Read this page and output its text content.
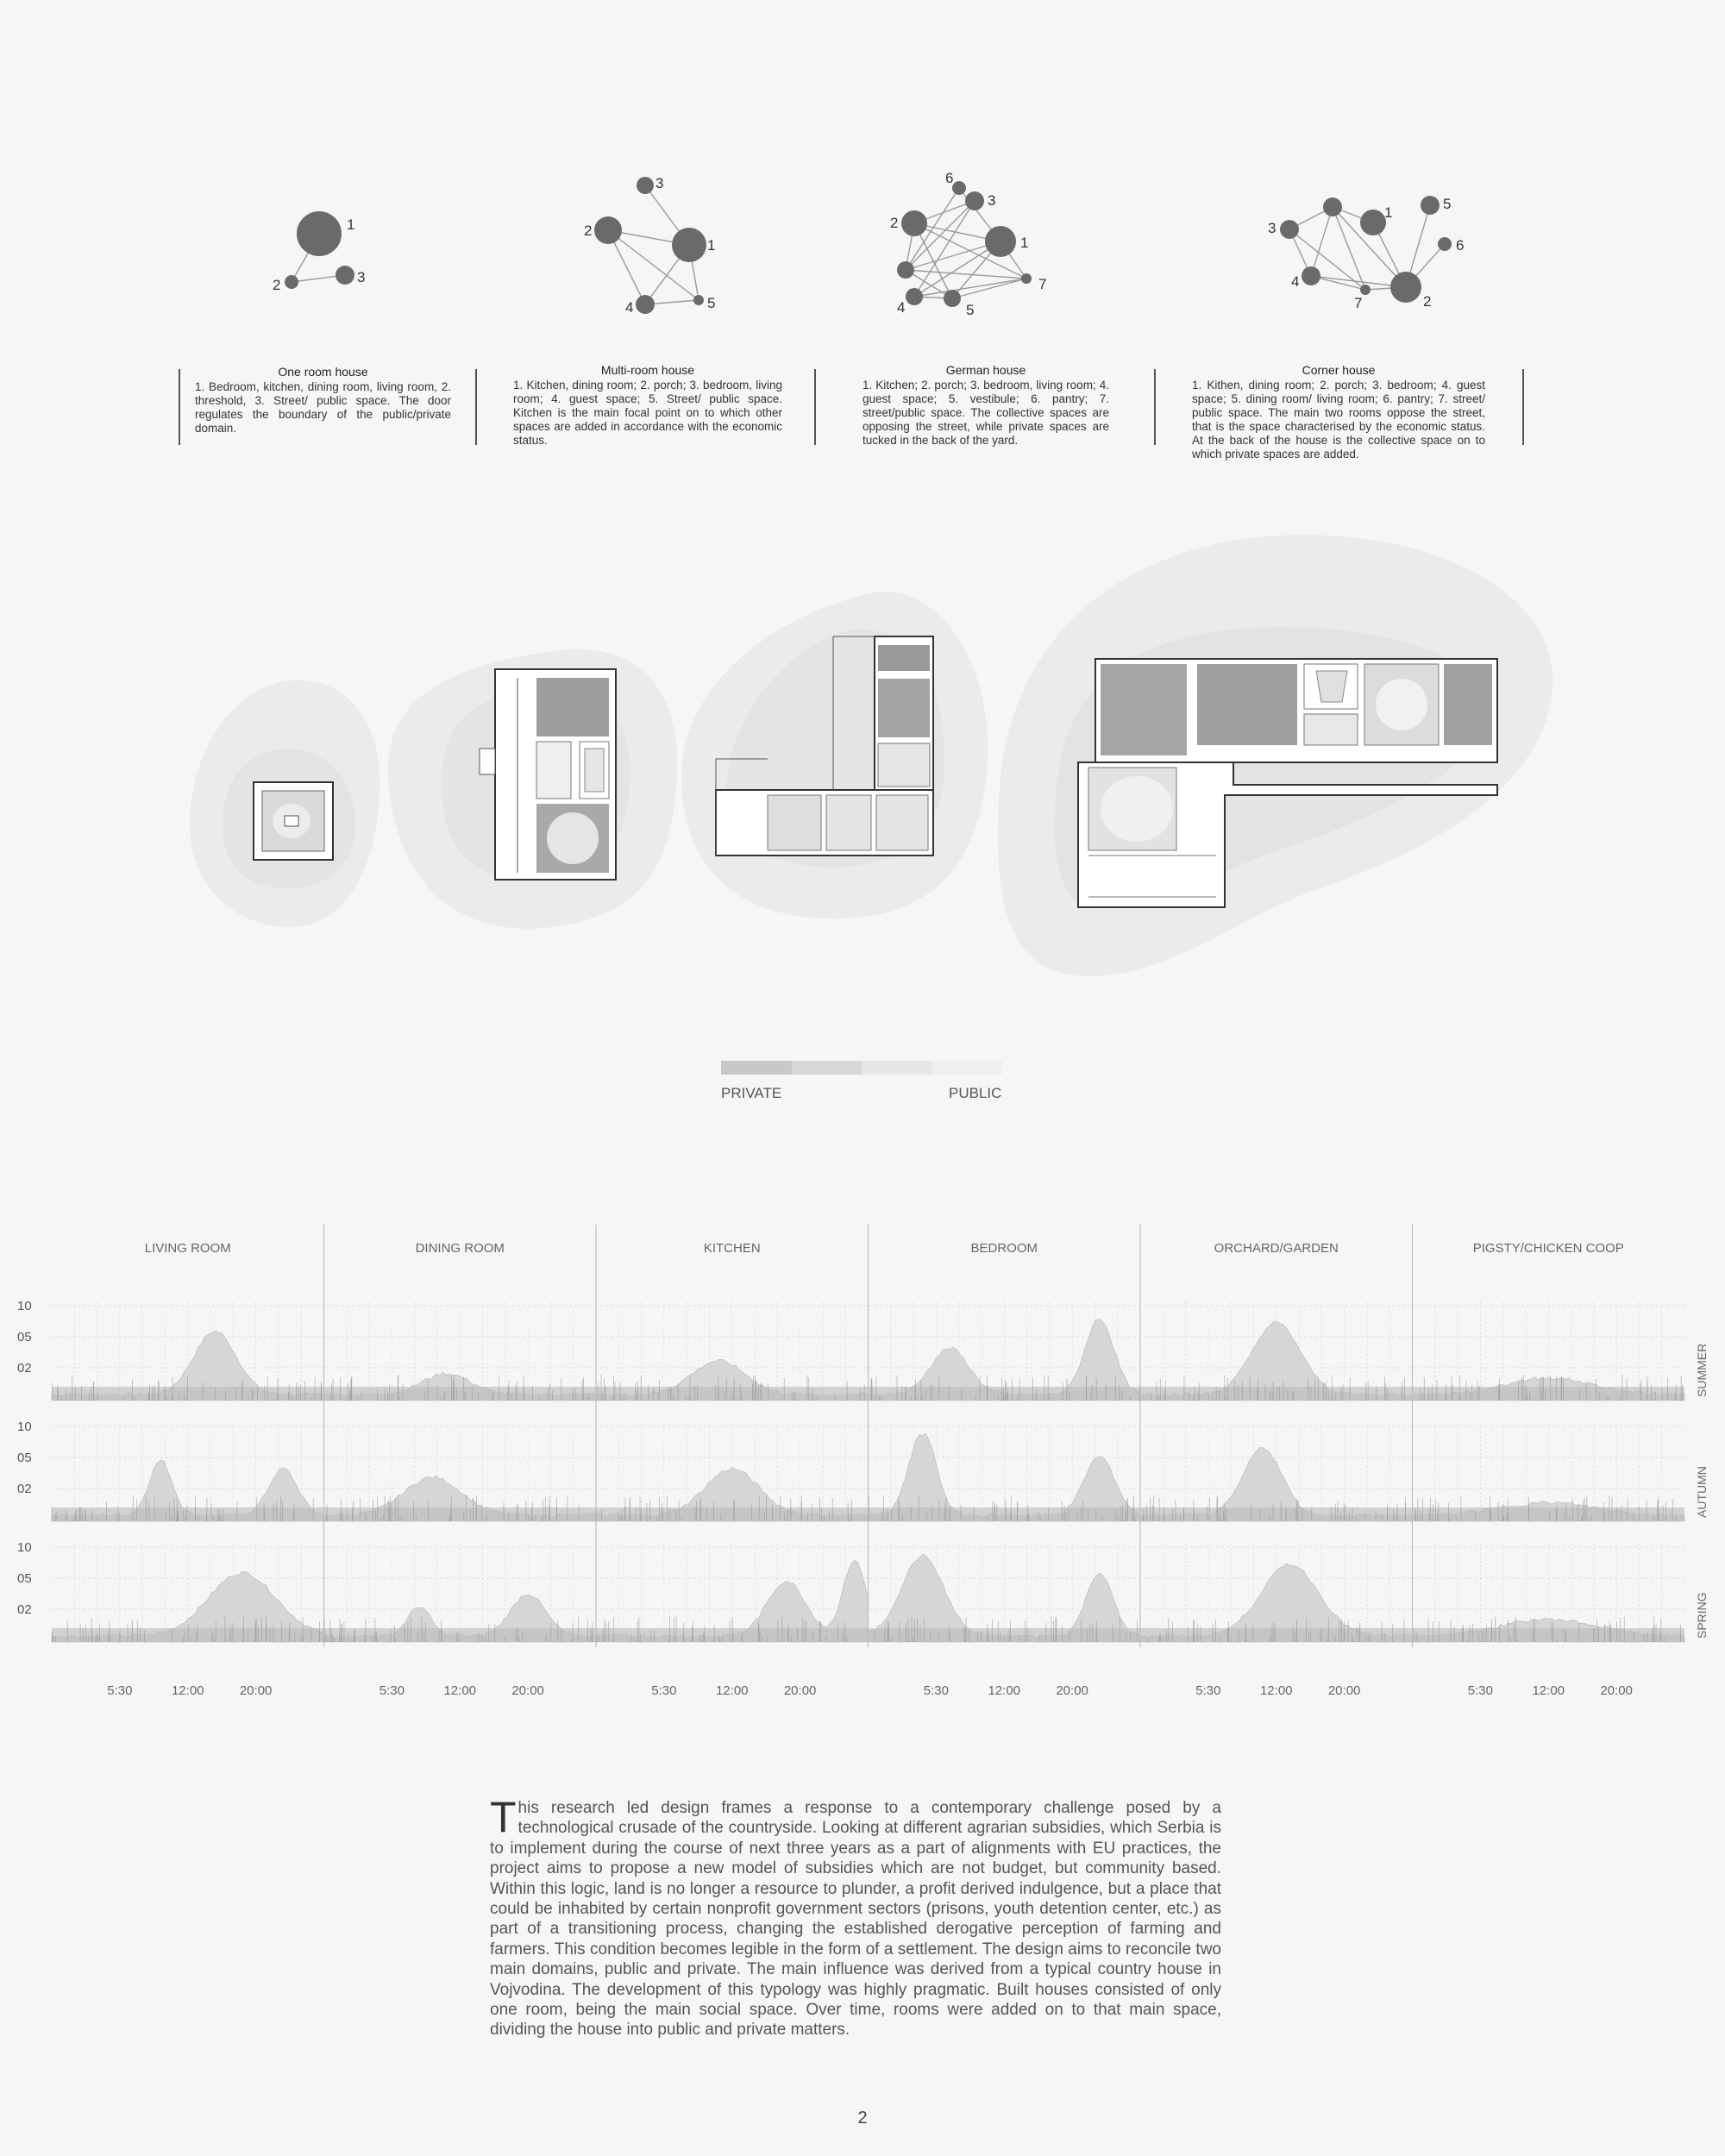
1
2	3
1
2
3
4	5
1
2
3
4	5
6
7
1
2
3
4
5
6
7
One room house
1. Bedroom, kitchen, dining room, living room, 2. threshold, 3. Street/ public space. The door regulates the boundary of the public/private domain.
Multi-room house
1. Kitchen, dining room; 2. porch; 3. bedroom, living room; 4. guest space; 5. Street/ public space. Kitchen is the main focal point on to which other spaces are added in accordance with the economic status.
German house
1. Kitchen; 2. porch; 3. bedroom, living room; 4. guest space; 5. vestibule; 6. pantry; 7. street/public space. The collective spaces are opposing the street, while private spaces are tucked in the back of the yard.
Corner house
1. Kithen, dining room; 2. porch; 3. bedroom; 4. guest space; 5. dining room/ living room; 6. pantry; 7. street/ public space. The main two rooms oppose the street, that is the space characterised by the economic status. At the back of the house is the collective space on to which private spaces are added.
PRIVATE	PUBLIC
LIVING ROOM
5:30	12:00	20:00
DINING ROOM
5:30	12:00	20:00
KITCHEN
5:30	12:00	20:00
BEDROOM
5:30	12:00	20:00
ORCHARD/GARDEN
5:30	12:00	20:00
PIGSTY/CHICKEN COOP
5:30	12:00	20:00
10
05
02	SUMMER
10
05
02	AUTUMN
10
05
02	SPRING
This research led design frames a response to a contemporary challenge posed by a technological crusade of the countryside. Looking at different agrarian subsidies, which Serbia is to implement during the course of next three years as a part of alignments with EU practices, the project aims to propose a new model of subsidies which are not budget, but community based. Within this logic, land is no longer a resource to plunder, a profit derived indulgence, but a place that could be inhabited by certain nonprofit government sectors (prisons, youth detention center, etc.) as part of a transitioning process, changing the established derogative perception of farming and farmers. This condition becomes legible in the form of a settlement. The design aims to reconcile two main domains, public and private. The main influence was derived from a typical country house in Vojvodina. The development of this typology was highly pragmatic. Built houses consisted of only one room, being the main social space. Over time, rooms were added on to that main space, dividing the house into public and private matters.
2
